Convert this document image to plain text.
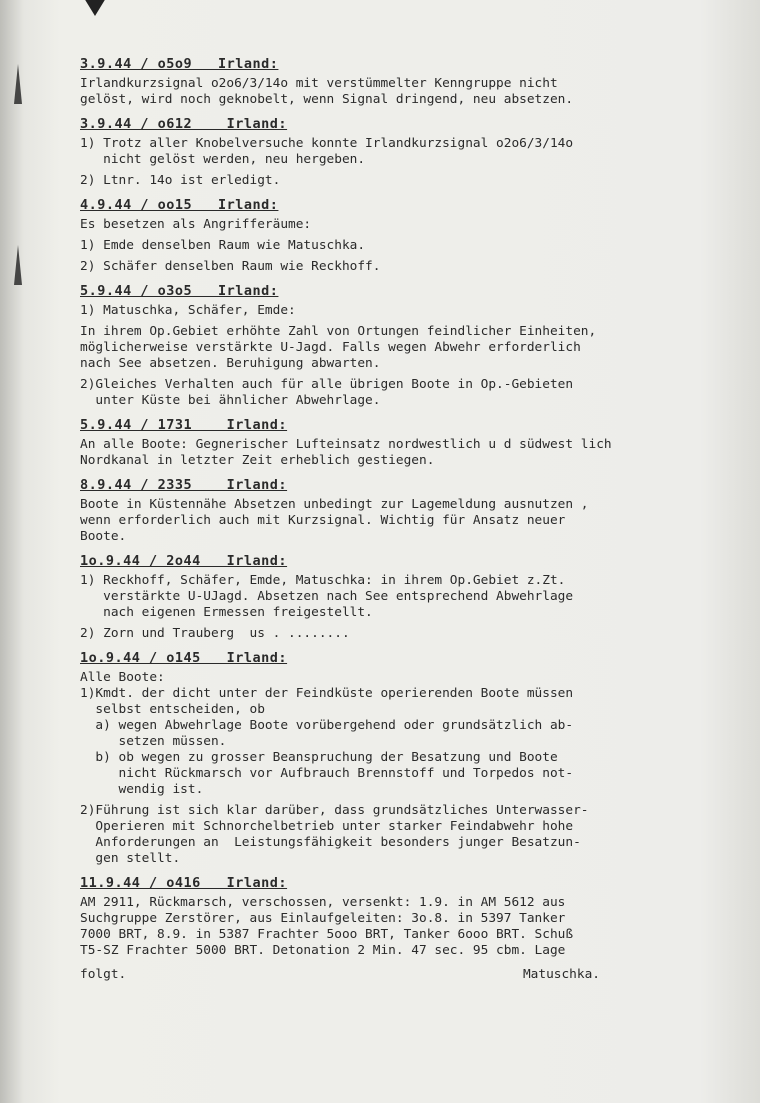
3.9.44 / o5o9   Irland:
Irlandkurzsignal o2o6/3/14o mit verstümmelter Kenngruppe nicht
gelöst, wird noch geknobelt, wenn Signal dringend, neu absetzen.
3.9.44 / o612    Irland:
1) Trotz aller Knobelversuche konnte Irlandkurzsignal o2o6/3/14o
nicht gelöst werden, neu hergeben.
2) Ltnr. 14o ist erledigt.
4.9.44 / oo15   Irland:
Es besetzen als Angrifferäume:
1) Emde denselben Raum wie Matuschka.
2) Schäfer denselben Raum wie Reckhoff.
5.9.44 / o3o5   Irland:
1) Matuschka, Schäfer, Emde:
In ihrem Op.Gebiet erhöhte Zahl von Ortungen feindlicher Einheiten,
möglicherweise verstärkte U-Jagd. Falls wegen Abwehr erforderlich
nach See absetzen. Beruhigung abwarten.
2)Gleiches Verhalten auch für alle übrigen Boote in Op.-Gebieten
unter Küste bei ähnlicher Abwehrlage.
5.9.44 / 1731    Irland:
An alle Boote: Gegnerischer Lufteinsatz nordwestlich u d südwest lich
Nordkanal in letzter Zeit erheblich gestiegen.
8.9.44 / 2335    Irland:
Boote in Küstennähe Absetzen unbedingt zur Lagemeldung ausnutzen ,
wenn erforderlich auch mit Kurzsignal. Wichtig für Ansatz neuer
Boote.
1o.9.44 / 2o44   Irland:
1) Reckhoff, Schäfer, Emde, Matuschka: in ihrem Op.Gebiet z.Zt.
verstärkte U-UJagd. Absetzen nach See entsprechend Abwehrlage
nach eigenen Ermessen freigestellt.
2) Zorn und Trauberg  us . ........
1o.9.44 / o145   Irland:
Alle Boote:
1)Kmdt. der dicht unter der Feindküste operierenden Boote müssen
selbst entscheiden, ob
a) wegen Abwehrlage Boote vorübergehend oder grundsätzlich ab-
setzen müssen.
b) ob wegen zu grosser Beanspruchung der Besatzung und Boote
nicht Rückmarsch vor Aufbrauch Brennstoff und Torpedos not-
wendig ist.
2)Führung ist sich klar darüber, dass grundsätzliches Unterwasser-
Operieren mit Schnorchelbetrieb unter starker Feindabwehr hohe
Anforderungen an  Leistungsfähigkeit besonders junger Besatzun-
gen stellt.
11.9.44 / o416   Irland:
AM 2911, Rückmarsch, verschossen, versenkt: 1.9. in AM 5612 aus
Suchgruppe Zerstörer, aus Einlaufgeleiten: 3o.8. in 5397 Tanker
7000 BRT, 8.9. in 5387 Frachter 5ooo BRT, Tanker 6ooo BRT. Schuß
T5-SZ Frachter 5000 BRT. Detonation 2 Min. 47 sec. 95 cbm. Lage
folgt.	Matuschka.
